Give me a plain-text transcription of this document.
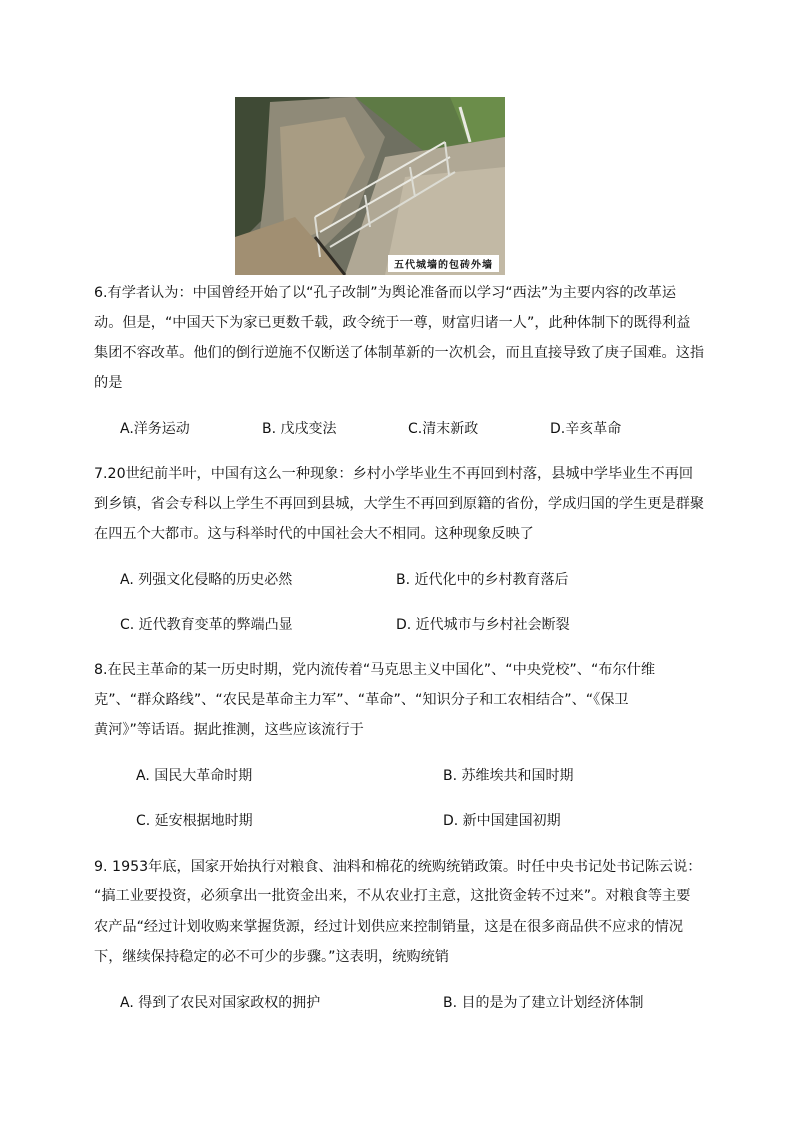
五代城墙的包砖外墙
6.有学者认为：中国曾经开始了以“孔子改制”为舆论准备而以学习“西法”为主要内容的改革运
动。但是，“中国天下为家已更数千载，政令统于一尊，财富归诸一人”，此种体制下的既得利益
集团不容改革。他们的倒行逆施不仅断送了体制革新的一次机会，而且直接导致了庚子国难。这指
的是
A.洋务运动	B. 戊戌变法	C.清末新政	D.辛亥革命
7.20世纪前半叶，中国有这么一种现象：乡村小学毕业生不再回到村落，县城中学毕业生不再回
到乡镇，省会专科以上学生不再回到县城，大学生不再回到原籍的省份，学成归国的学生更是群聚
在四五个大都市。这与科举时代的中国社会大不相同。这种现象反映了
A. 列强文化侵略的历史必然	B. 近代化中的乡村教育落后
C. 近代教育变革的弊端凸显	D. 近代城市与乡村社会断裂
8.在民主革命的某一历史时期，党内流传着“马克思主义中国化”、“中央党校”、“布尔什维
克”、“群众路线”、“农民是革命主力军”、“革命”、“知识分子和工农相结合”、“《保卫
黄河》”等话语。据此推测，这些应该流行于
A. 国民大革命时期	B. 苏维埃共和国时期
C. 延安根据地时期	D. 新中国建国初期
9. 1953年底，国家开始执行对粮食、油料和棉花的统购统销政策。时任中央书记处书记陈云说：
“搞工业要投资，必须拿出一批资金出来，不从农业打主意，这批资金转不过来”。对粮食等主要
农产品“经过计划收购来掌握货源，经过计划供应来控制销量，这是在很多商品供不应求的情况
下，继续保持稳定的必不可少的步骤。”这表明，统购统销
A. 得到了农民对国家政权的拥护	B. 目的是为了建立计划经济体制
